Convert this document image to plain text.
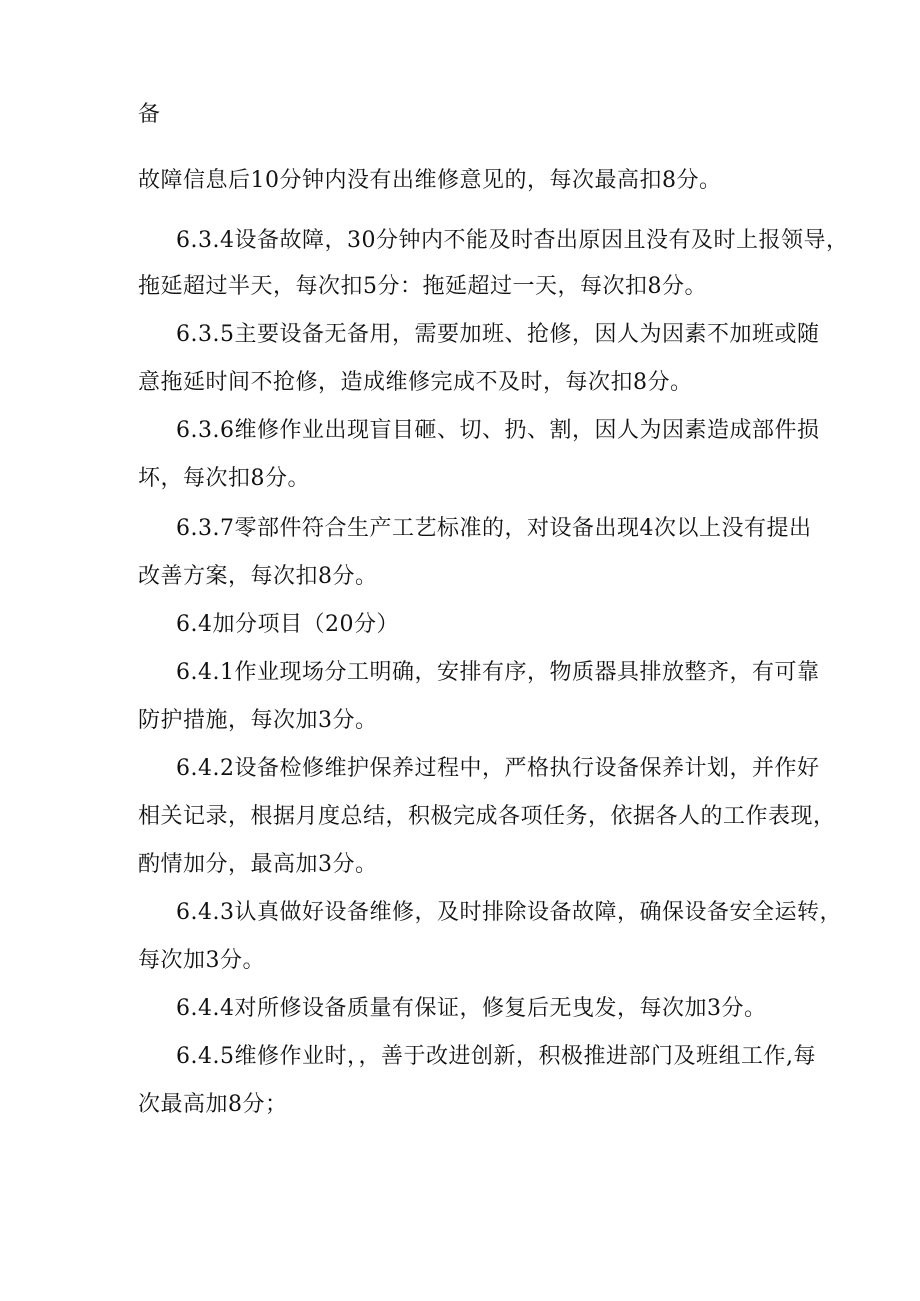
备
故障信息后10分钟内没有出维修意见的，每次最高扣8分。
6.3.4设备故障，30分钟内不能及时杳出原因且没有及时上报领导，
拖延超过半天，每次扣5分：拖延超过一天，每次扣8分。
6.3.5主要设备无备用，需要加班、抢修，因人为因素不加班或随
意拖延时间不抢修，造成维修完成不及时，每次扣8分。
6.3.6维修作业出现盲目砸、切、扔、割，因人为因素造成部件损
坏，每次扣8分。
6.3.7零部件符合生产工艺标准的，对设备出现4次以上没有提出
改善方案，每次扣8分。
6.4加分项目（20分）
6.4.1作业现场分工明确，安排有序，物质器具排放整齐，有可靠
防护措施，每次加3分。
6.4.2设备检修维护保养过程中，严格执行设备保养计划，并作好
相关记录，根据月度总结，积极完成各项任务，依据各人的工作表现，
酌情加分，最高加3分。
6.4.3认真做好设备维修，及时排除设备故障，确保设备安全运转，
每次加3分。
6.4.4对所修设备质量有保证，修复后无曳发，每次加3分。
6.4.5维修作业时，，善于改进创新，积极推进部门及班组工作,每
次最高加8分；
